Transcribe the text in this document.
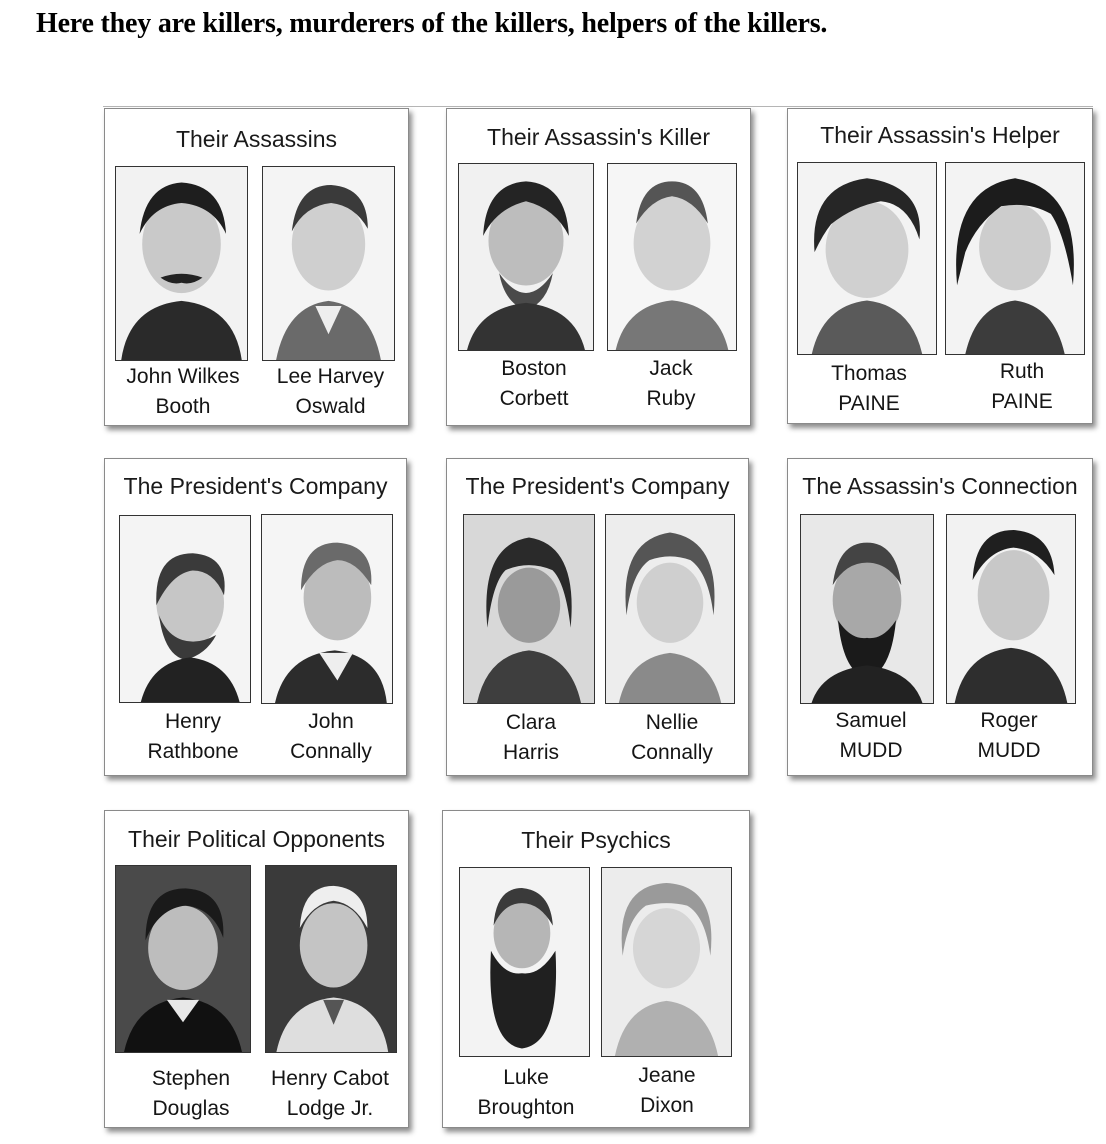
Here they are killers, murderers of the killers, helpers of the killers.
Their Assassins
John Wilkes
Booth
Lee Harvey
Oswald
Their Assassin's Killer
Boston
Corbett
Jack
Ruby
Their Assassin's Helper
Thomas
PAINE
Ruth
PAINE
The President's Company
Henry
Rathbone
John
Connally
The President's Company
Clara
Harris
Nellie
Connally
The Assassin's Connection
Samuel
MUDD
Roger
MUDD
Their Political Opponents
Stephen
Douglas
Henry Cabot
Lodge Jr.
Their Psychics
Luke
Broughton
Jeane
Dixon
